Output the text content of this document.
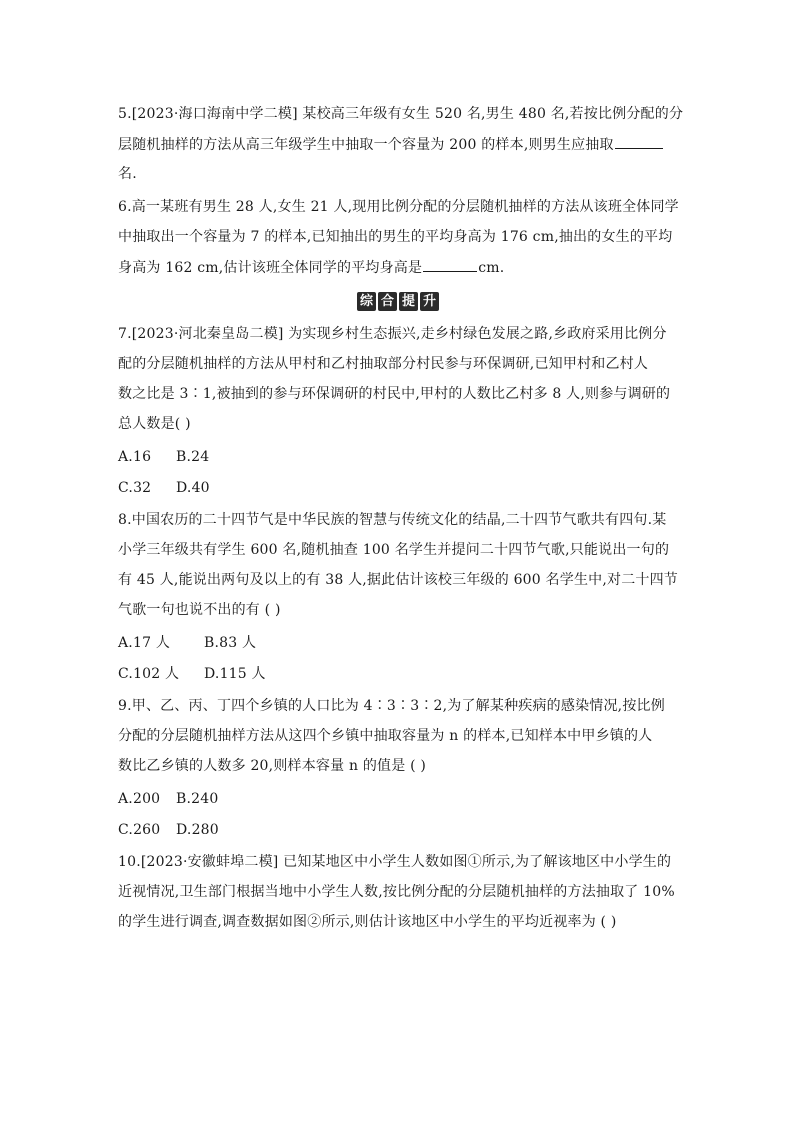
5.[2023·海口海南中学二模] 某校高三年级有女生 520 名,男生 480 名,若按比例分配的分
层随机抽样的方法从高三年级学生中抽取一个容量为 200 的样本,则男生应抽取
名.
6.高一某班有男生 28 人,女生 21 人,现用比例分配的分层随机抽样的方法从该班全体同学
中抽取出一个容量为 7 的样本,已知抽出的男生的平均身高为 176 cm,抽出的女生的平均
身高为 162 cm,估计该班全体同学的平均身高是	cm.
综 合 提 升
7.[2023·河北秦皇岛二模] 为实现乡村生态振兴,走乡村绿色发展之路,乡政府采用比例分
配的分层随机抽样的方法从甲村和乙村抽取部分村民参与环保调研,已知甲村和乙村人
数之比是 3∶1,被抽到的参与环保调研的村民中,甲村的人数比乙村多 8 人,则参与调研的
总人数是( )
A.16 B.24
C.32 D.40
8.中国农历的二十四节气是中华民族的智慧与传统文化的结晶,二十四节气歌共有四句.某
小学三年级共有学生 600 名,随机抽查 100 名学生并提问二十四节气歌,只能说出一句的
有 45 人,能说出两句及以上的有 38 人,据此估计该校三年级的 600 名学生中,对二十四节
气歌一句也说不出的有 ( )
A.17 人 B.83 人
C.102 人 D.115 人
9.甲、乙、丙、丁四个乡镇的人口比为 4∶3∶3∶2,为了解某种疾病的感染情况,按比例
分配的分层随机抽样方法从这四个乡镇中抽取容量为 n 的样本,已知样本中甲乡镇的人
数比乙乡镇的人数多 20,则样本容量 n 的值是 ( )
A.200 B.240
C.260 D.280
10.[2023·安徽蚌埠二模] 已知某地区中小学生人数如图①所示,为了解该地区中小学生的
近视情况,卫生部门根据当地中小学生人数,按比例分配的分层随机抽样的方法抽取了 10%
的学生进行调查,调查数据如图②所示,则估计该地区中小学生的平均近视率为 ( )
